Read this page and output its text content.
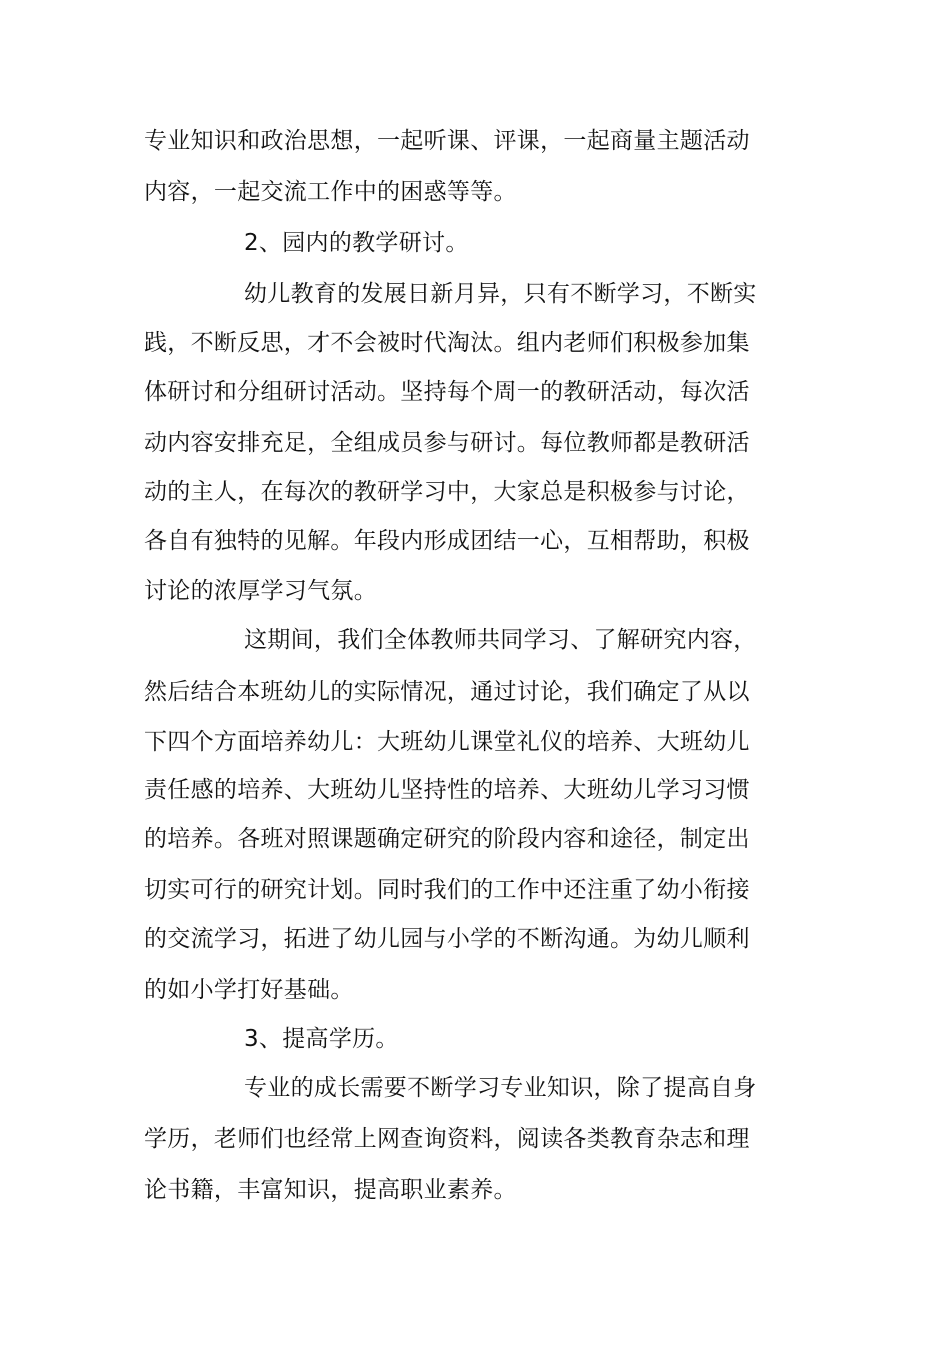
专业知识和政治思想，一起听课、评课，一起商量主题活动
内容，一起交流工作中的困惑等等。
2、园内的教学研讨。
幼儿教育的发展日新月异，只有不断学习，不断实
践，不断反思，才不会被时代淘汰。组内老师们积极参加集
体研讨和分组研讨活动。坚持每个周一的教研活动，每次活
动内容安排充足，全组成员参与研讨。每位教师都是教研活
动的主人，在每次的教研学习中，大家总是积极参与讨论，
各自有独特的见解。年段内形成团结一心，互相帮助，积极
讨论的浓厚学习气氛。
这期间，我们全体教师共同学习、了解研究内容，
然后结合本班幼儿的实际情况，通过讨论，我们确定了从以
下四个方面培养幼儿：大班幼儿课堂礼仪的培养、大班幼儿
责任感的培养、大班幼儿坚持性的培养、大班幼儿学习习惯
的培养。各班对照课题确定研究的阶段内容和途径，制定出
切实可行的研究计划。同时我们的工作中还注重了幼小衔接
的交流学习，拓进了幼儿园与小学的不断沟通。为幼儿顺利
的如小学打好基础。
3、提高学历。
专业的成长需要不断学习专业知识，除了提高自身
学历，老师们也经常上网查询资料，阅读各类教育杂志和理
论书籍，丰富知识，提高职业素养。
